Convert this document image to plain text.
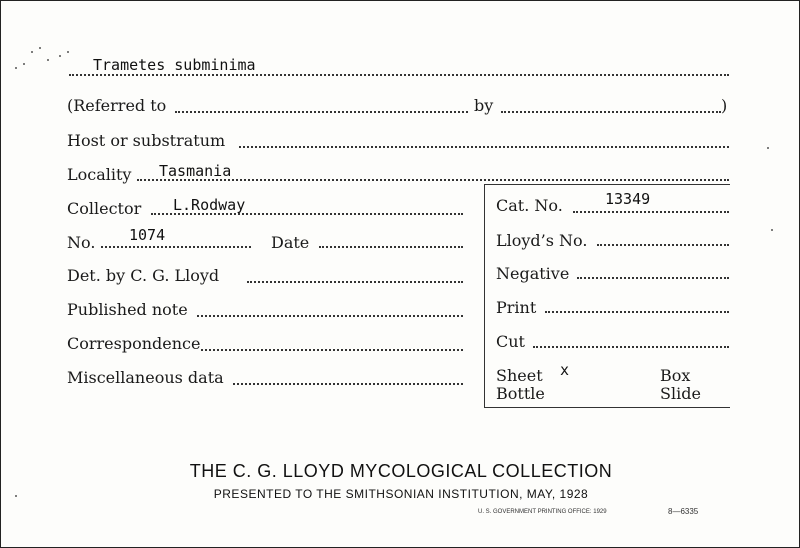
Trametes subminima
(Referred to	by	)
Host or substratum
Locality Tasmania
Collector L.Rodway
No. 1074	Date
Det. by C. G. Lloyd
Published note
Correspondence
Miscellaneous data
Cat. No.	13349
Lloyd’s No.
Negative
Print
Cut
Sheet x	Box
Bottle	Slide
THE C. G. LLOYD MYCOLOGICAL COLLECTION
PRESENTED TO THE SMITHSONIAN INSTITUTION, MAY, 1928
U. S. GOVERNMENT PRINTING OFFICE: 1929	8—6335
